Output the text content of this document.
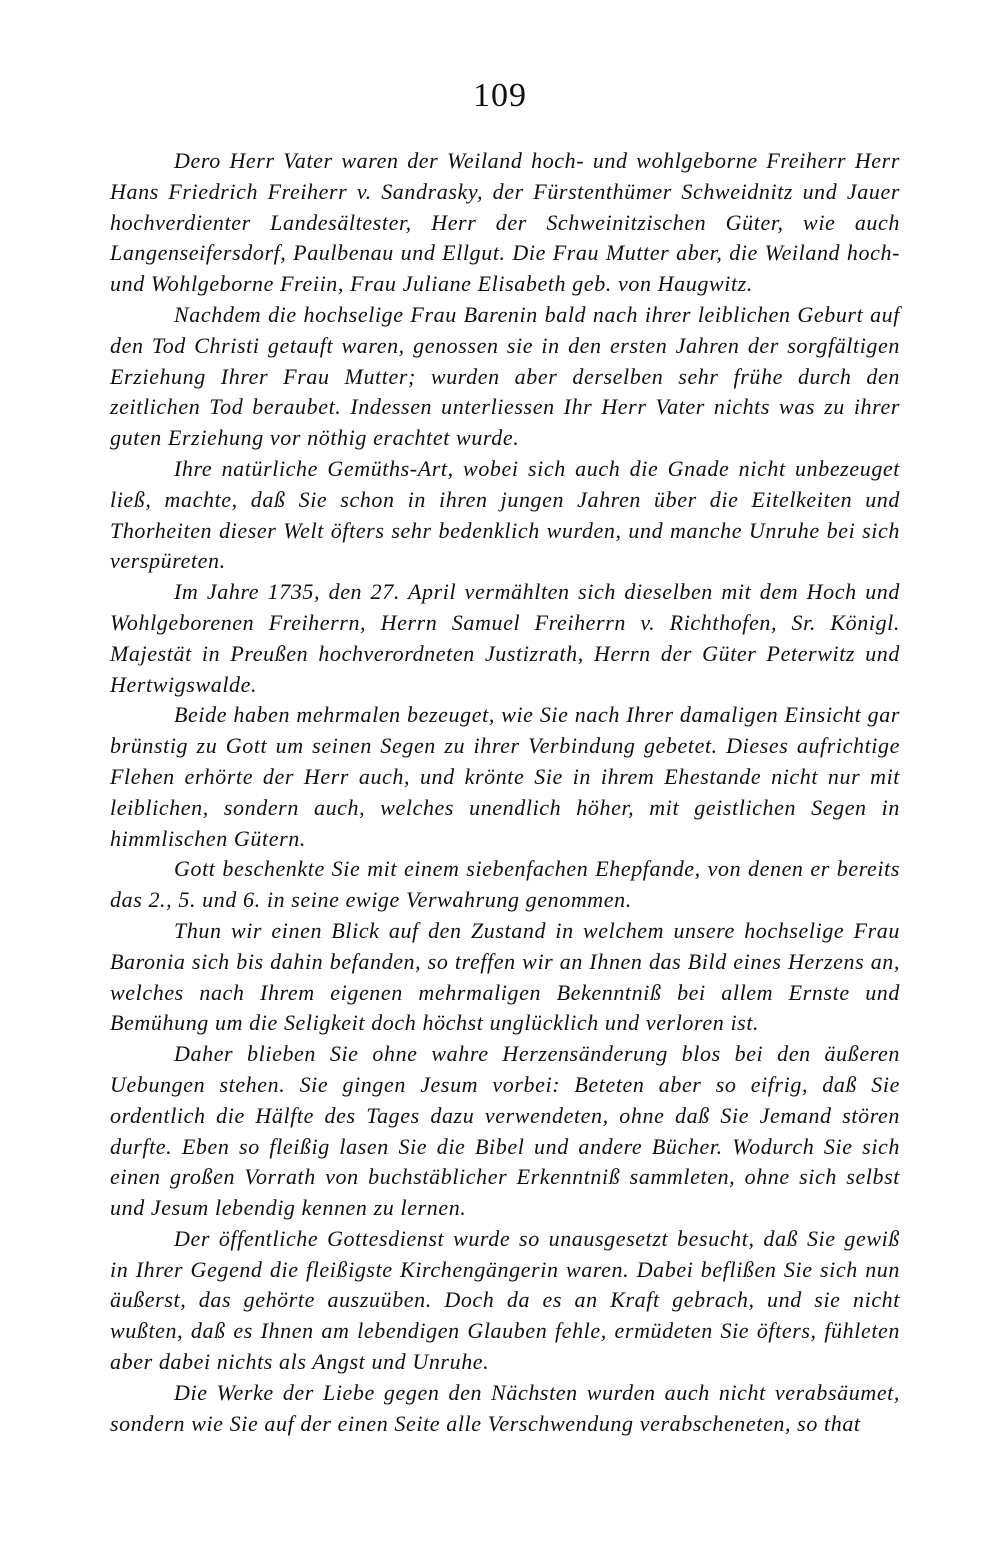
109

Dero Herr Vater waren der Weiland hoch- und wohlgeborne Freiherr Herr Hans Friedrich Freiherr v. Sandrasky, der Fürstenthümer Schweidnitz und Jauer hochverdienter Landesältester, Herr der Schweinitzischen Güter, wie auch Langenseifersdorf, Paulbenau und Ellgut. Die Frau Mutter aber, die Weiland hoch- und Wohlgeborne Freiin, Frau Juliane Elisabeth geb. von Haugwitz.

Nachdem die hochselige Frau Barenin bald nach ihrer leiblichen Geburt auf den Tod Christi getauft waren, genossen sie in den ersten Jahren der sorgfältigen Erziehung Ihrer Frau Mutter; wurden aber derselben sehr frühe durch den zeitlichen Tod beraubet. Indessen unterliessen Ihr Herr Vater nichts was zu ihrer guten Erziehung vor nöthig erachtet wurde.

Ihre natürliche Gemüths-Art, wobei sich auch die Gnade nicht unbezeuget ließ, machte, daß Sie schon in ihren jungen Jahren über die Eitelkeiten und Thorheiten dieser Welt öfters sehr bedenklich wurden, und manche Unruhe bei sich verspüreten.

Im Jahre 1735, den 27. April vermählten sich dieselben mit dem Hoch und Wohlgeborenen Freiherrn, Herrn Samuel Freiherrn v. Richthofen, Sr. Königl. Majestät in Preußen hochverordneten Justizrath, Herrn der Güter Peterwitz und Hertwigswalde.

Beide haben mehrmalen bezeuget, wie Sie nach Ihrer damaligen Einsicht gar brünstig zu Gott um seinen Segen zu ihrer Verbindung gebetet. Dieses aufrichtige Flehen erhörte der Herr auch, und krönte Sie in ihrem Ehestande nicht nur mit leiblichen, sondern auch, welches unendlich höher, mit geistlichen Segen in himmlischen Gütern.

Gott beschenkte Sie mit einem siebenfachen Ehepfande, von denen er bereits das 2., 5. und 6. in seine ewige Verwahrung genommen.

Thun wir einen Blick auf den Zustand in welchem unsere hochselige Frau Baronia sich bis dahin befanden, so treffen wir an Ihnen das Bild eines Herzens an, welches nach Ihrem eigenen mehrmaligen Bekenntniß bei allem Ernste und Bemühung um die Seligkeit doch höchst unglücklich und verloren ist.

Daher blieben Sie ohne wahre Herzensänderung blos bei den äußeren Uebungen stehen. Sie gingen Jesum vorbei: Beteten aber so eifrig, daß Sie ordentlich die Hälfte des Tages dazu verwendeten, ohne daß Sie Jemand stören durfte. Eben so fleißig lasen Sie die Bibel und andere Bücher. Wodurch Sie sich einen großen Vorrath von buchstäblicher Erkenntniß sammleten, ohne sich selbst und Jesum lebendig kennen zu lernen.

Der öffentliche Gottesdienst wurde so unausgesetzt besucht, daß Sie gewiß in Ihrer Gegend die fleißigste Kirchengängerin waren. Dabei beflißen Sie sich nun äußerst, das gehörte auszuüben. Doch da es an Kraft gebrach, und sie nicht wußten, daß es Ihnen am lebendigen Glauben fehle, ermüdeten Sie öfters, fühleten aber dabei nichts als Angst und Unruhe.

Die Werke der Liebe gegen den Nächsten wurden auch nicht verabsäumet, sondern wie Sie auf der einen Seite alle Verschwendung verabscheneten, so that
